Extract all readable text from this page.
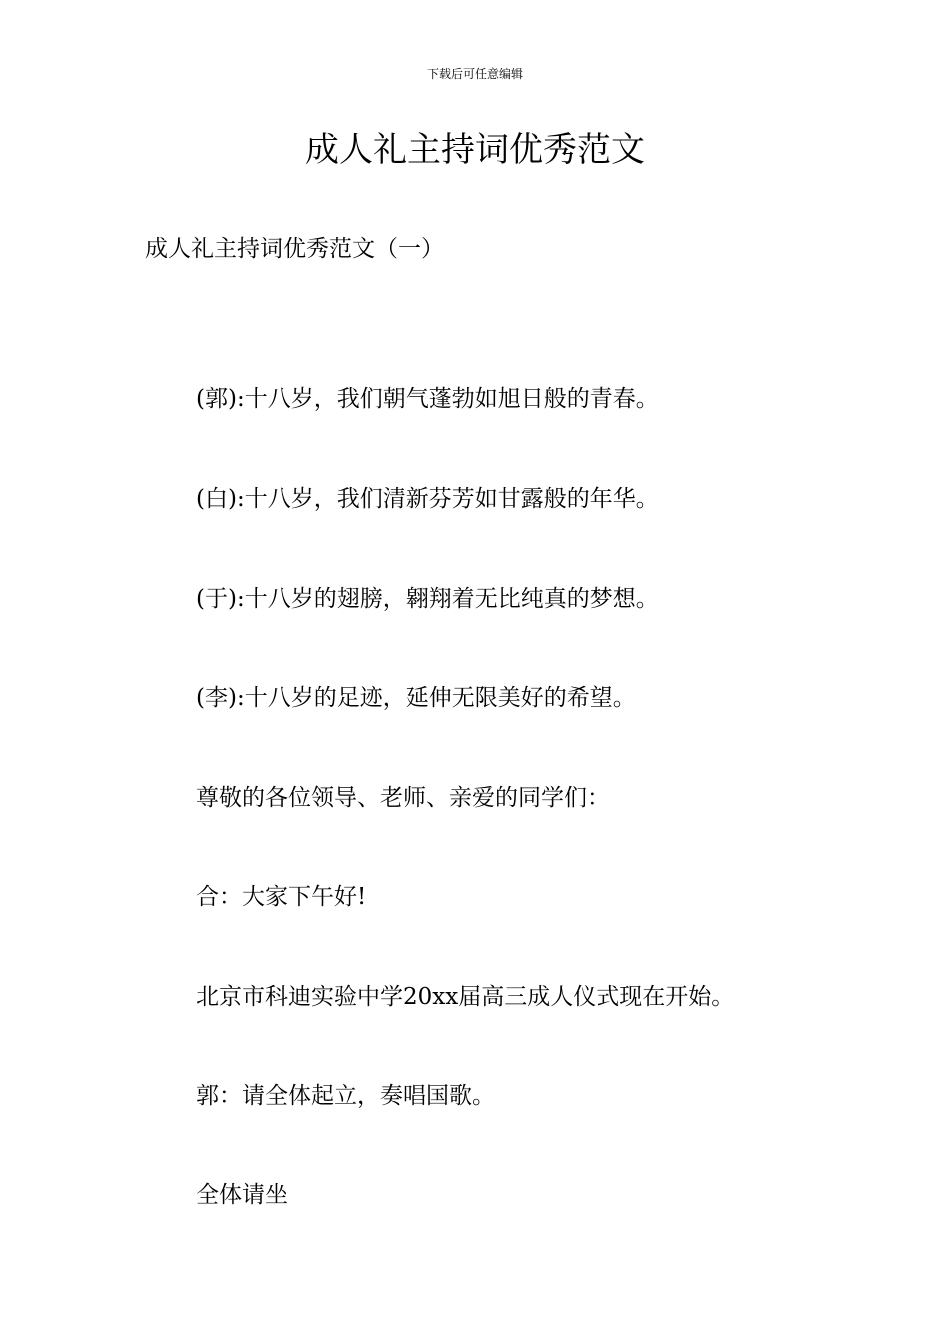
下载后可任意编辑
成人礼主持词优秀范文
成人礼主持词优秀范文（一）

(郭):十八岁，我们朝气蓬勃如旭日般的青春。

(白):十八岁，我们清新芬芳如甘露般的年华。

(于):十八岁的翅膀，翱翔着无比纯真的梦想。

(李):十八岁的足迹，延伸无限美好的希望。

尊敬的各位领导、老师、亲爱的同学们：

合：大家下午好!

北京市科迪实验中学20xx届高三成人仪式现在开始。

郭：请全体起立，奏唱国歌。

全体请坐
